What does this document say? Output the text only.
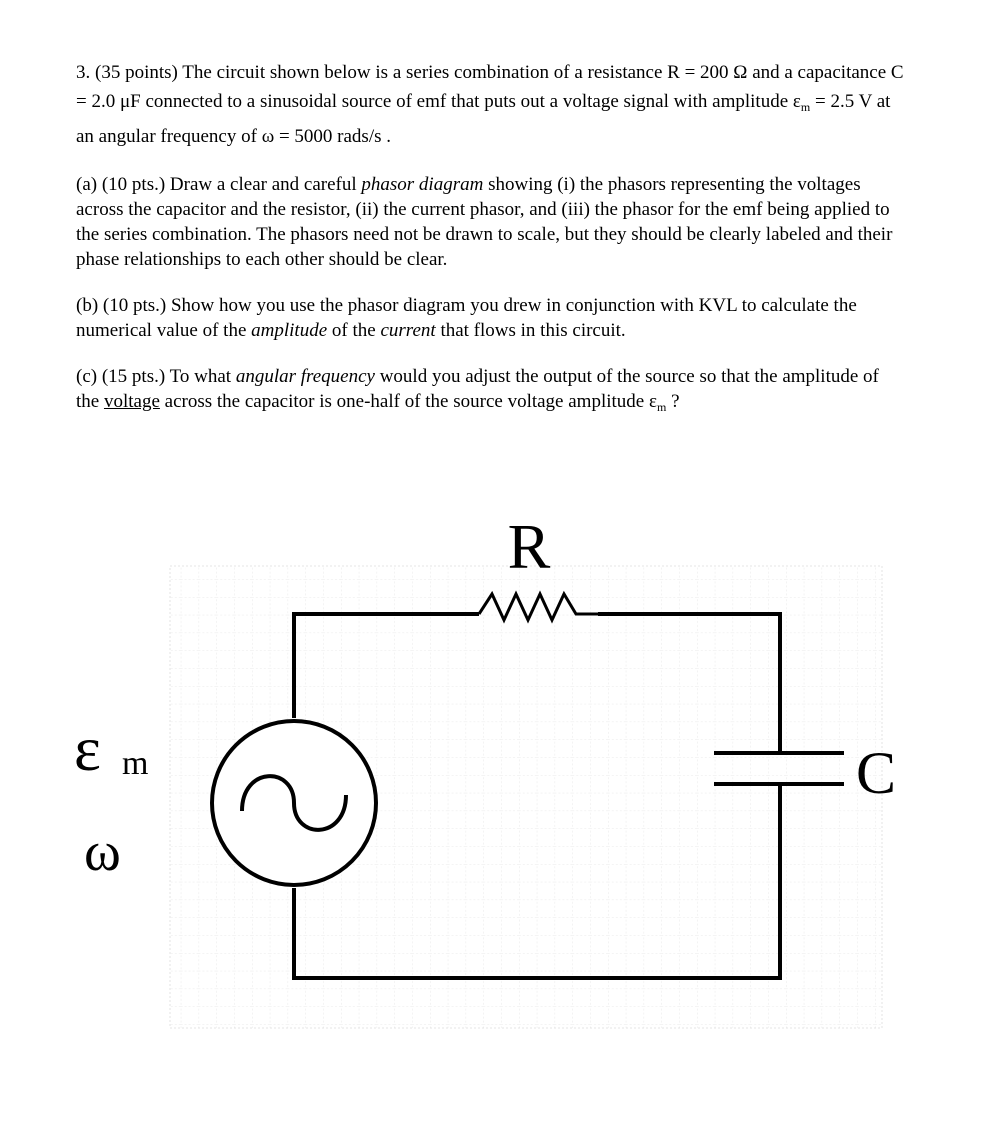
3. (35 points) The circuit shown below is a series combination of a resistance R = 200 Ω and a capacitance C = 2.0 μF connected to a sinusoidal source of emf that puts out a voltage signal with amplitude $\varepsilon_m = 2.5$ V at an angular frequency of ω = 5000 rads/s .

(a) (10 pts.) Draw a clear and careful phasor diagram showing (i) the phasors representing the voltages across the capacitor and the resistor, (ii) the current phasor, and (iii) the phasor for the emf being applied to the series combination. The phasors need not be drawn to scale, but they should be clearly labeled and their phase relationships to each other should be clear.

(b) (10 pts.) Show how you use the phasor diagram you drew in conjunction with KVL to calculate the numerical value of the amplitude of the current that flows in this circuit.

(c) (15 pts.) To what angular frequency would you adjust the output of the source so that the amplitude of the voltage across the capacitor is one-half of the source voltage amplitude $\varepsilon_m$ ?

R
C
ε m
ω
